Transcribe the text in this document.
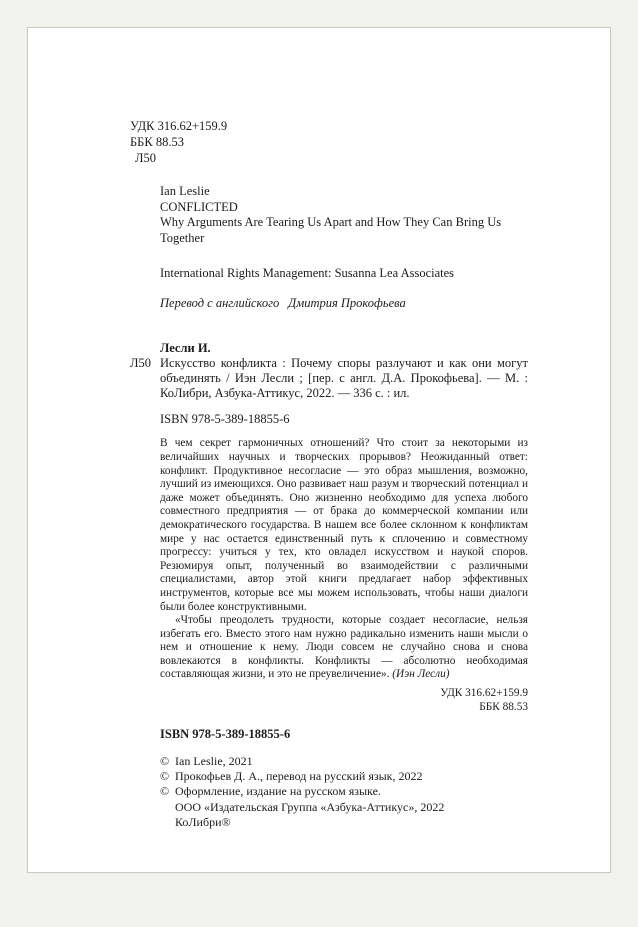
УДК 316.62+159.9
ББК 88.53
Л50
Ian Leslie
CONFLICTED
Why Arguments Are Tearing Us Apart and How They Can Bring Us Together
International Rights Management: Susanna Lea Associates
Перевод с английского Дмитрия Прокофьева
Лесли И.
Л50 Искусство конфликта : Почему споры разлучают и как они могут объединять / Иэн Лесли ; [пер. с англ. Д.А. Прокофьева]. — М. : КоЛибри, Азбука-Аттикус, 2022. — 336 с. : ил.

ISBN 978-5-389-18855-6

В чем секрет гармоничных отношений? Что стоит за некоторыми из величайших научных и творческих прорывов? Неожиданный ответ: конфликт. Продуктивное несогласие — это образ мышления, возможно, лучший из имеющихся. Оно развивает наш разум и творческий потенциал и даже может объединять. Оно жизненно необходимо для успеха любого совместного предприятия — от брака до коммерческой компании или демократического государства. В нашем все более склонном к конфликтам мире у нас остается единственный путь к сплочению и совместному прогрессу: учиться у тех, кто овладел искусством и наукой споров. Резюмируя опыт, полученный во взаимодействии с различными специалистами, автор этой книги предлагает набор эффективных инструментов, которые все мы можем использовать, чтобы наши диалоги были более конструктивными.

«Чтобы преодолеть трудности, которые создает несогласие, нельзя избегать его. Вместо этого нам нужно радикально изменить наши мысли о нем и отношение к нему. Люди совсем не случайно снова и снова вовлекаются в конфликты. Конфликты — абсолютно необходимая составляющая жизни, и это не преувеличение». (Иэн Лесли)

УДК 316.62+159.9
ББК 88.53
ISBN 978-5-389-18855-6
© Ian Leslie, 2021
© Прокофьев Д. А., перевод на русский язык, 2022
© Оформление, издание на русском языке.
ООО «Издательская Группа «Азбука-Аттикус», 2022
КоЛибри®
